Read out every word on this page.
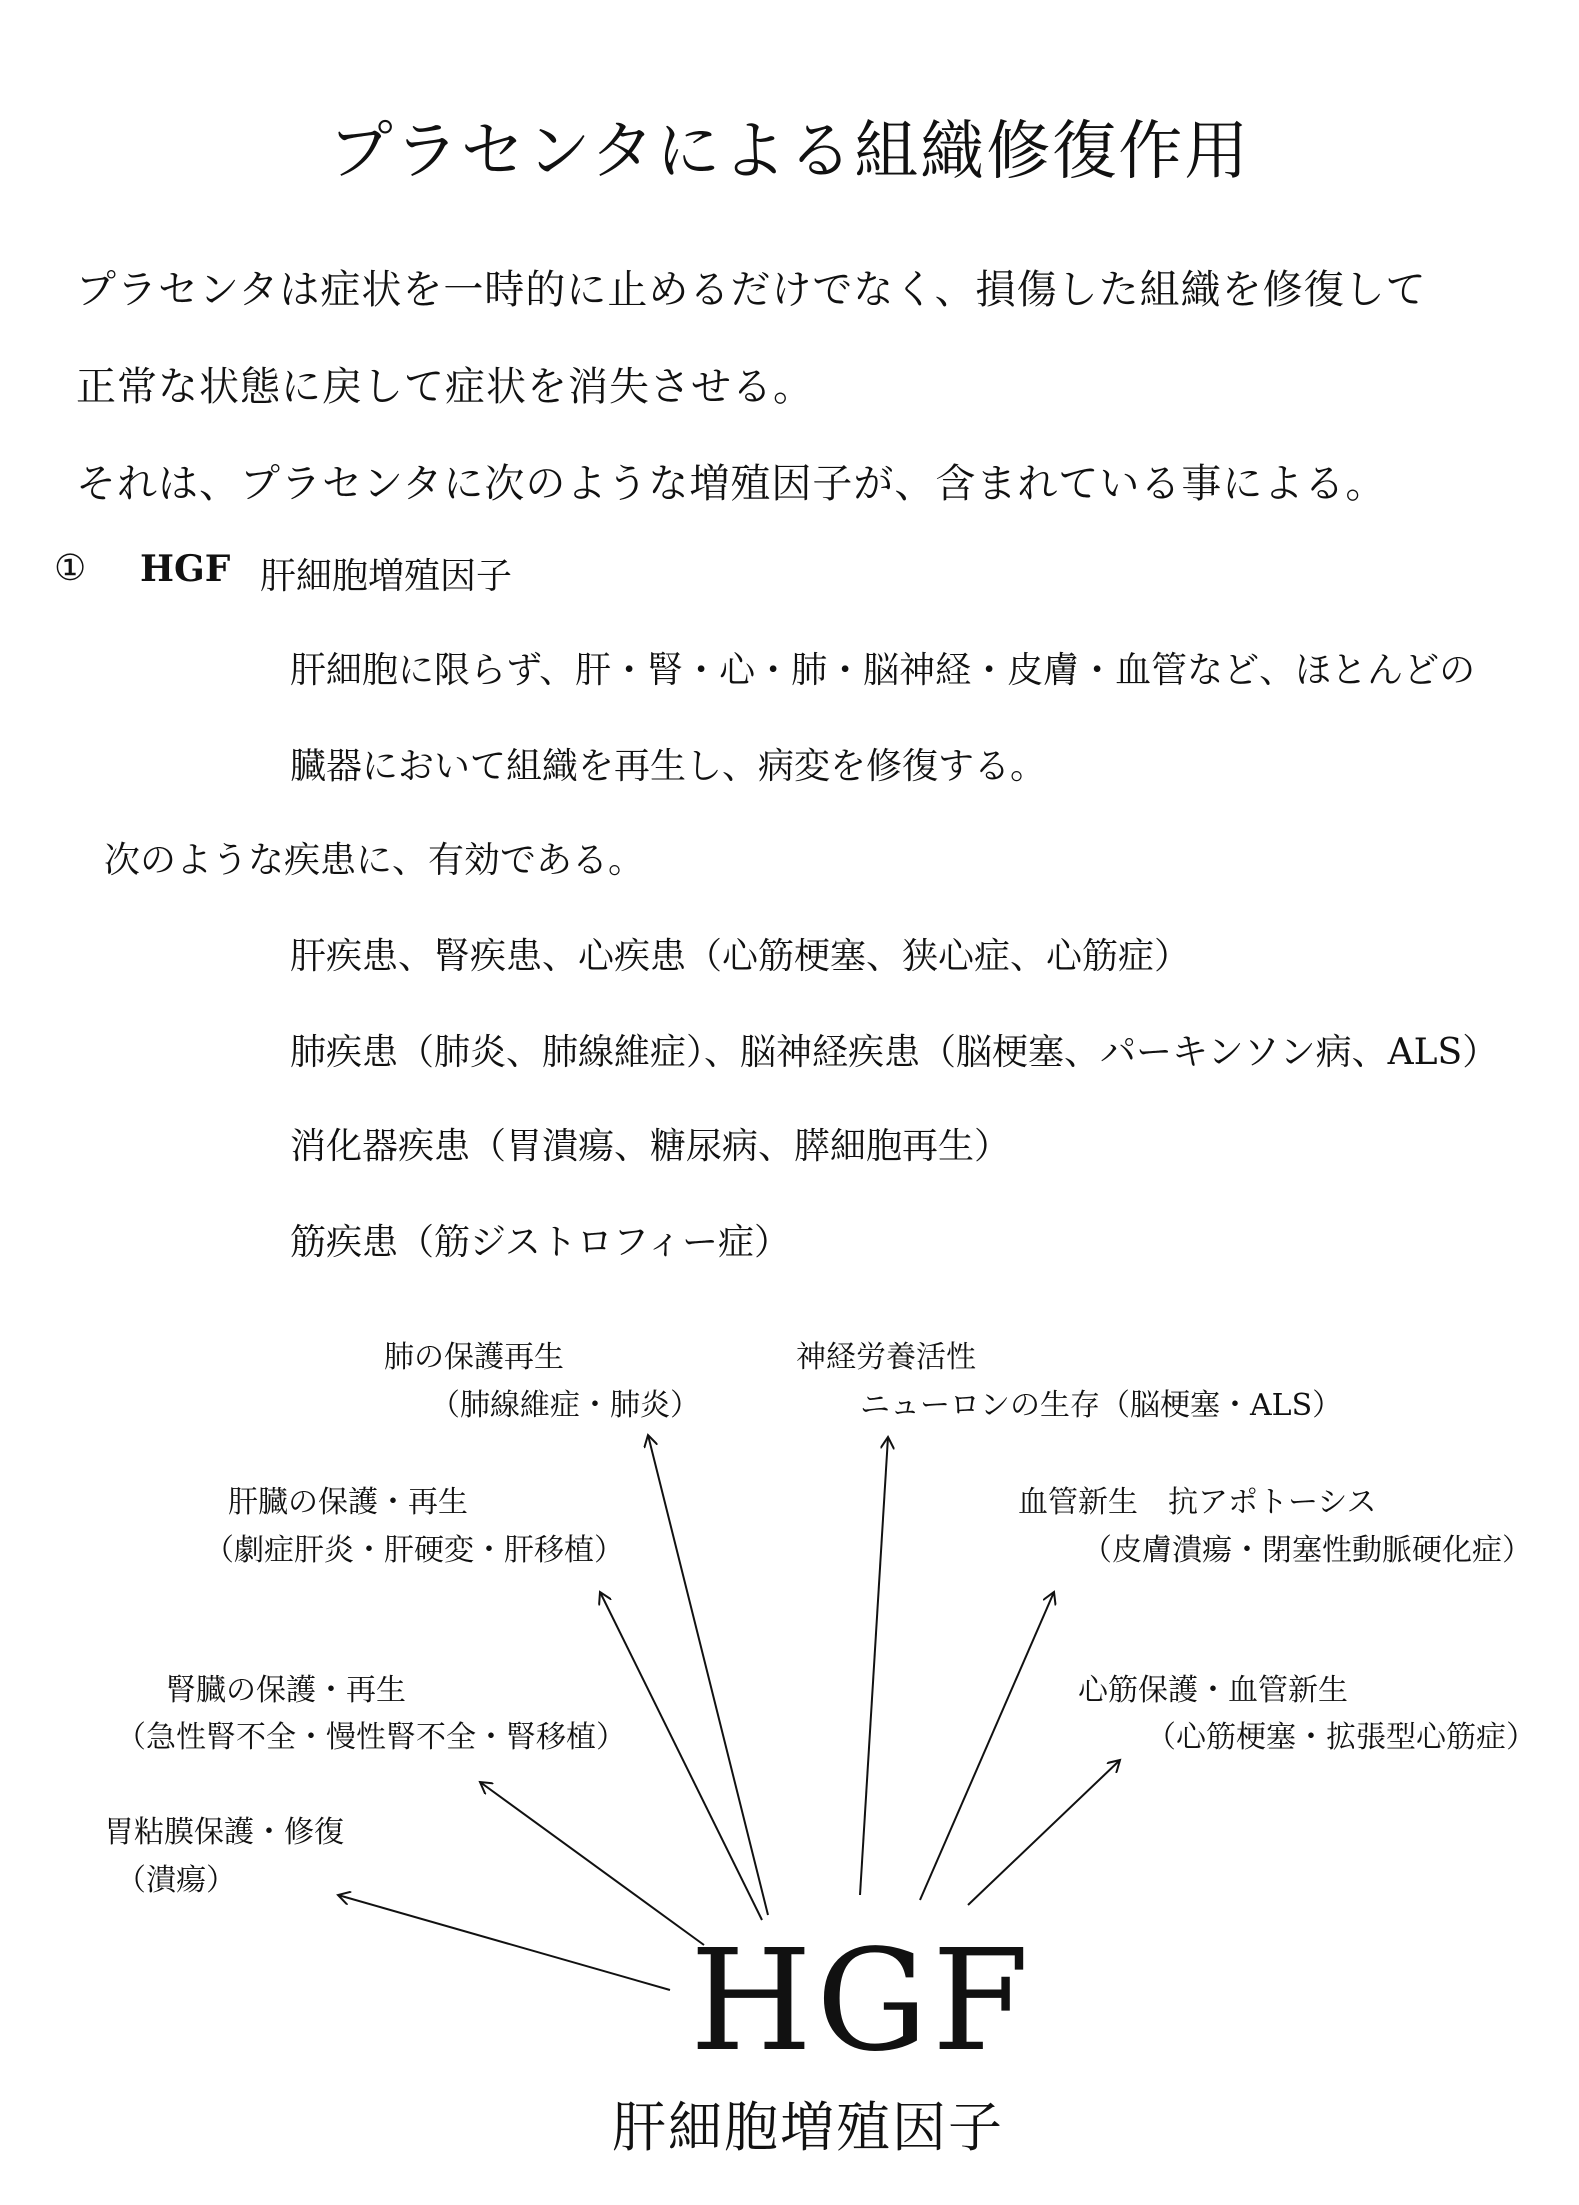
プラセンタによる組織修復作用
プラセンタは症状を一時的に止めるだけでなく、損傷した組織を修復して
正常な状態に戻して症状を消失させる。
それは、プラセンタに次のような増殖因子が、含まれている事による。
① HGF 肝細胞増殖因子
肝細胞に限らず、肝・腎・心・肺・脳神経・皮膚・血管など、ほとんどの
臓器において組織を再生し、病変を修復する。
次のような疾患に、有効である。
肝疾患、腎疾患、心疾患（心筋梗塞、狭心症、心筋症）
肺疾患（肺炎、肺線維症）、脳神経疾患（脳梗塞、パーキンソン病、ALS）
消化器疾患（胃潰瘍、糖尿病、膵細胞再生）
筋疾患（筋ジストロフィー症）
肺の保護再生
（肺線維症・肺炎）
肝臓の保護・再生
（劇症肝炎・肝硬変・肝移植）
腎臓の保護・再生
（急性腎不全・慢性腎不全・腎移植）
胃粘膜保護・修復
（潰瘍）
神経労養活性
ニューロンの生存（脳梗塞・ALS）
血管新生　抗アポトーシス
（皮膚潰瘍・閉塞性動脈硬化症）
心筋保護・血管新生
（心筋梗塞・拡張型心筋症）
HGF
肝細胞増殖因子
